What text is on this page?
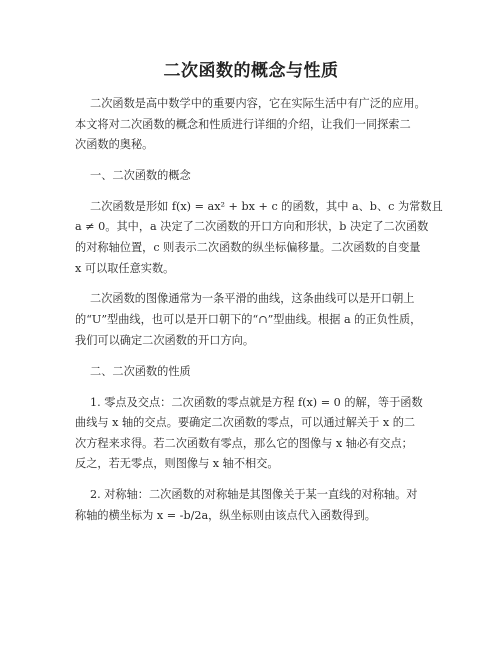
二次函数的概念与性质
二次函数是高中数学中的重要内容，它在实际生活中有广泛的应用。
本文将对二次函数的概念和性质进行详细的介绍，让我们一同探索二
次函数的奥秘。
一、二次函数的概念
二次函数是形如 f(x) = ax² + bx + c 的函数，其中 a、b、c 为常数且
a ≠ 0。其中，a 决定了二次函数的开口方向和形状，b 决定了二次函数
的对称轴位置，c 则表示二次函数的纵坐标偏移量。二次函数的自变量
x 可以取任意实数。
二次函数的图像通常为一条平滑的曲线，这条曲线可以是开口朝上
的“U”型曲线，也可以是开口朝下的“∩”型曲线。根据 a 的正负性质，
我们可以确定二次函数的开口方向。
二、二次函数的性质
1. 零点及交点：二次函数的零点就是方程 f(x) = 0 的解，等于函数
曲线与 x 轴的交点。要确定二次函数的零点，可以通过解关于 x 的二
次方程来求得。若二次函数有零点，那么它的图像与 x 轴必有交点；
反之，若无零点，则图像与 x 轴不相交。
2. 对称轴：二次函数的对称轴是其图像关于某一直线的对称轴。对
称轴的横坐标为 x = -b/2a，纵坐标则由该点代入函数得到。
